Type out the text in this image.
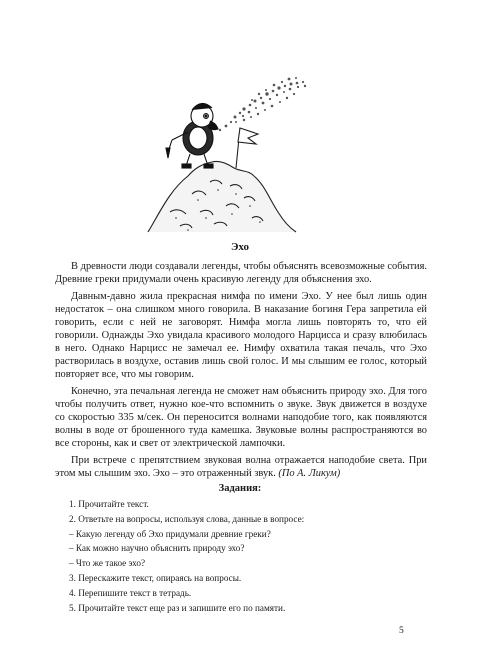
Эхо

В древности люди создавали легенды, чтобы объяснять всевозможные события. Древние греки придумали очень красивую легенду для объяснения эхо.

Давным-давно жила прекрасная нимфа по имени Эхо. У нее был лишь один недостаток – она слишком много говорила. В наказание богиня Гера запретила ей говорить, если с ней не заговорят. Нимфа могла лишь повторять то, что ей говорили. Однажды Эхо увидала красивого молодого Нарцисса и сразу влюбилась в него. Однако Нарцисс не замечал ее. Нимфу охватила такая печаль, что Эхо растворилась в воздухе, оставив лишь свой голос. И мы слышим ее голос, который повторяет все, что мы говорим.

Конечно, эта печальная легенда не сможет нам объяснить природу эхо. Для того чтобы получить ответ, нужно кое-что вспомнить о звуке. Звук движется в воздухе со скоростью 335 м/сек. Он переносится волнами наподобие того, как появляются волны в воде от брошенного туда камешка. Звуковые волны распространяются во все стороны, как и свет от электрической лампочки.

При встрече с препятствием звуковая волна отражается наподобие света. При этом мы слышим эхо. Эхо – это отраженный звук. (По А. Ликум)

Задания:
1. Прочитайте текст.
2. Ответьте на вопросы, используя слова, данные в вопросе:
– Какую легенду об Эхо придумали древние греки?
– Как можно научно объяснить природу эхо?
– Что же такое эхо?
3. Перескажите текст, опираясь на вопросы.
4. Перепишите текст в тетрадь.
5. Прочитайте текст еще раз и запишите его по памяти.
5
